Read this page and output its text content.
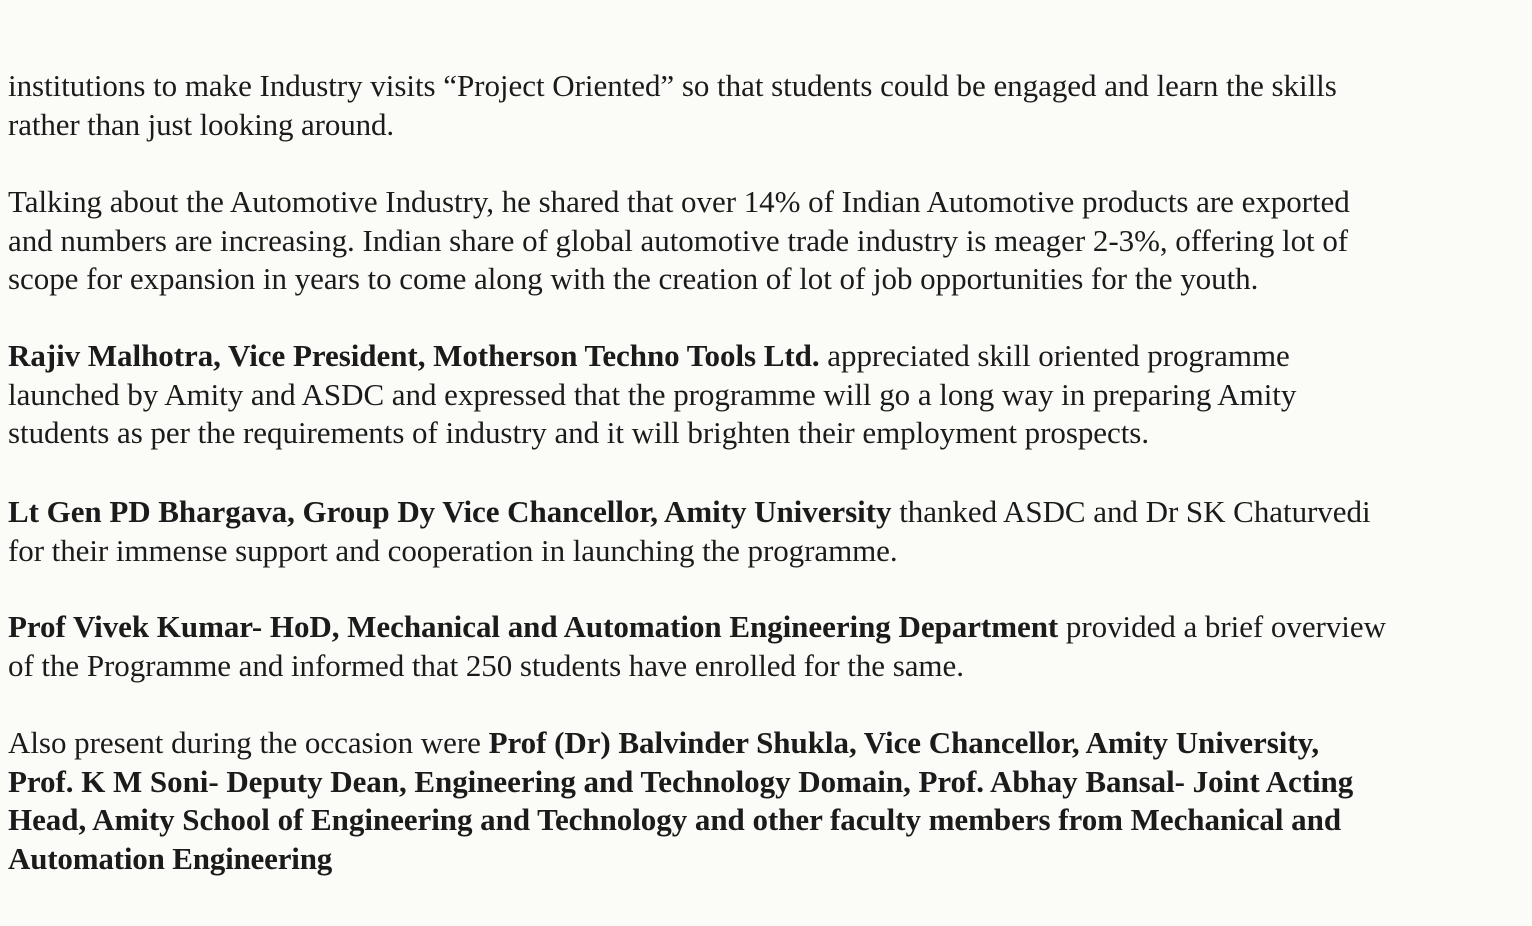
institutions to make Industry visits “Project Oriented” so that students could be engaged and learn the skills
rather than just looking around.

Talking about the Automotive Industry, he shared that over 14% of Indian Automotive products are exported
and numbers are increasing. Indian share of global automotive trade industry is meager 2-3%, offering lot of
scope for expansion in years to come along with the creation of lot of job opportunities for the youth.

Rajiv Malhotra, Vice President, Motherson Techno Tools Ltd. appreciated skill oriented programme
launched by Amity and ASDC and expressed that the programme will go a long way in preparing Amity
students as per the requirements of industry and it will brighten their employment prospects.

Lt Gen PD Bhargava, Group Dy Vice Chancellor, Amity University thanked ASDC and Dr SK Chaturvedi
for their immense support and cooperation in launching the programme.

Prof Vivek Kumar- HoD, Mechanical and Automation Engineering Department provided a brief overview
of the Programme and informed that 250 students have enrolled for the same.

Also present during the occasion were Prof (Dr) Balvinder Shukla, Vice Chancellor, Amity University,
Prof. K M Soni- Deputy Dean, Engineering and Technology Domain, Prof. Abhay Bansal- Joint Acting
Head, Amity School of Engineering and Technology and other faculty members from Mechanical and
Automation Engineering
